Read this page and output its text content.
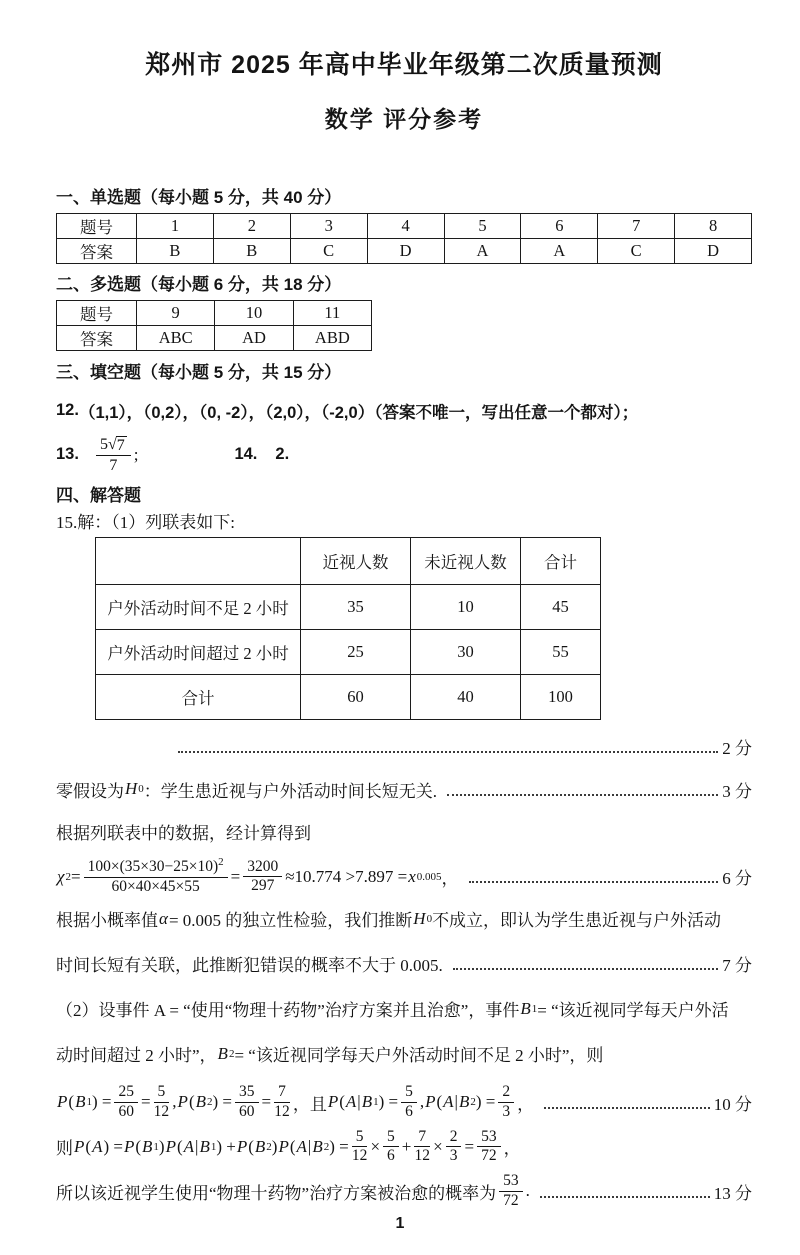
郑州市 2025 年高中毕业年级第二次质量预测
数学 评分参考
一、单选题（每小题 5 分，共 40 分）
题号	1	2	3	4	5	6	7	8
答案	B	B	C	D	A	A	C	D
二、多选题（每小题 6 分，共 18 分）
题号	9	10	11
答案	ABC	AD	ABD
三、填空题（每小题 5 分，共 15 分）
12. （1,1），（0,2），（0, -2），（2,0），（-2,0）（答案不唯一，写出任意一个都对）；
13. $\frac{5 √ 7}{7}$ ;	14. 2.
四、解答题
15.解：（1）列联表如下:
	近视人数	未近视人数	合计
户外活动时间不足 2 小时	35	10	45
户外活动时间超过 2 小时	25	30	55
合计	60	40	100
2 分
零假设为 H 0 ：学生患近视与户外活动时间长短无关.	3 分
根据列联表中的数据，经计算得到
χ $2 = \frac{100\times(35\times 30-25\times 10)^2}{60\times 40\times 45\times 55} = \frac{3200}{297} \approx 10.774 >7.897 = x$ 0.005 ，	6 分
根据小概率值 α = 0.005 的独立性检验，我们推断 H 0 不成立，即认为学生患近视与户外活动
时间长短有关联，此推断犯错误的概率不大于 0.005.	7 分
（2）设事件 A = “使用“物理十药物”治疗方案并且治愈”，事件 B 1 = “该近视同学每天户外活
动时间超过 2 小时”， B 2 = “该近视同学每天户外活动时间不足 2 小时”，则
P ( B 1 ) = $\frac{25}{60} = \frac{5}{12}$ , P ( B 2 ) = $\frac{35}{60} = \frac{7}{12}$ ，且 P ( A | B 1 ) = $\frac{5}{6}$ , P ( A | B 2 ) = $\frac{2}{3}$ ，	10 分
则 P ( A ) = P ( B 1 ) P ( A | B 1 ) + P ( B 2 ) P ( A | B 2 ) = $\frac{5}{12} \times \frac{5}{6} + \frac{7}{12} \times \frac{2}{3} = \frac{53}{72}$ ，
所以该近视学生使用“物理十药物”治疗方案被治愈的概率为 $\frac{53}{72}$ .	13 分
1
